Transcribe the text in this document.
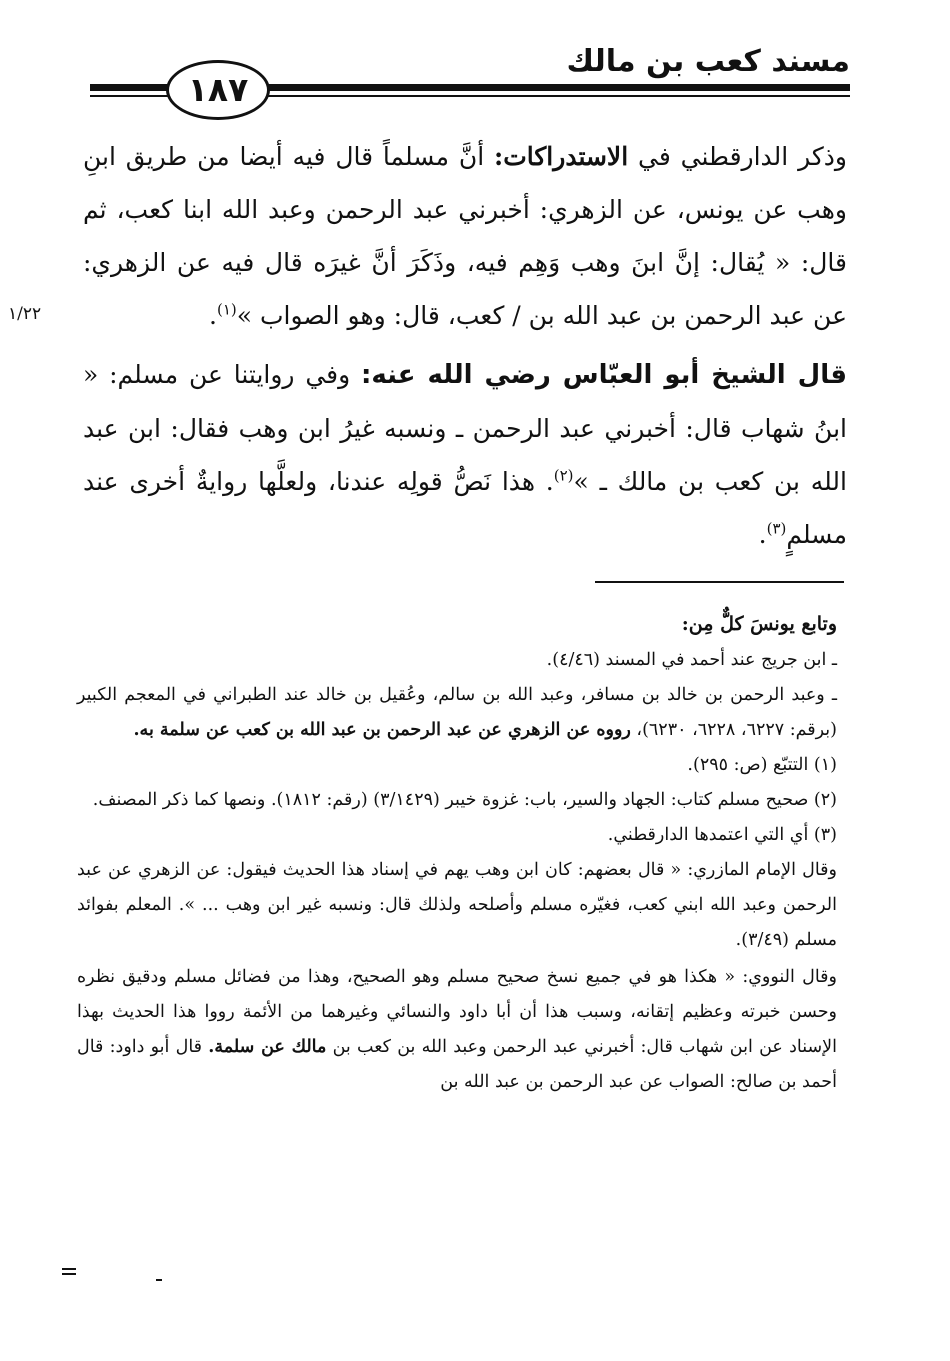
مسند كعب بن مالك
١٨٧
١/٢٢

وذكر الدارقطني في الاستدراكات: أنَّ مسلماً قال فيه أيضا من طريق ابنِ وهب عن يونس، عن الزهري: أخبرني عبد الرحمن وعبد الله ابنا كعب، ثم قال: « يُقال: إنَّ ابنَ وهب وَهِم فيه، وذَكَرَ أنَّ غيرَه قال فيه عن الزهري: عن عبد الرحمن بن عبد الله بن / كعب، قال: وهو الصواب »$^{(١)}$.

قال الشيخ أبو العبّاس رضي الله عنه: وفي روايتنا عن مسلم: « ابنُ شهاب قال: أخبرني عبد الرحمن ـ ونسبه غيرُ ابن وهب فقال: ابن عبد الله بن كعب بن مالك ـ »$^{(٢)}$. هذا نَصُّ قولِه عندنا، ولعلَّها روايةٌ أخرى عند مسلمٍ$^{(٣)}$.

وتابع يونسَ كلٌّ مِن:

ـ ابن جريج عند أحمد في المسند (٤/٤٦).

ـ وعبد الرحمن بن خالد بن مسافر، وعبد الله بن سالم، وعُقيل بن خالد عند الطبراني في المعجم الكبير (برقم: ٦٢٢٧، ٦٢٢٨، ٦٢٣٠)، رووه عن الزهري عن عبد الرحمن بن عبد الله بن كعب عن سلمة به.

(١) التتبّع (ص: ٢٩٥).

(٢) صحيح مسلم كتاب: الجهاد والسير، باب: غزوة خيبر (٣/١٤٢٩) (رقم: ١٨١٢). ونصها كما ذكر المصنف.

(٣) أي التي اعتمدها الدارقطني.

وقال الإمام المازري: « قال بعضهم: كان ابن وهب يهم في إسناد هذا الحديث فيقول: عن الزهري عن عبد الرحمن وعبد الله ابني كعب، فغيّره مسلم وأصلحه ولذلك قال: ونسبه غير ابن وهب ... ». المعلم بفوائد مسلم (٣/٤٩).

وقال النووي: « هكذا هو في جميع نسخ صحيح مسلم وهو الصحيح، وهذا من فضائل مسلم ودقيق نظره وحسن خبرته وعظيم إتقانه، وسبب هذا أن أبا داود والنسائي وغيرهما من الأئمة رووا هذا الحديث بهذا الإسناد عن ابن شهاب قال: أخبرني عبد الرحمن وعبد الله بن كعب بن مالك عن سلمة. قال أبو داود: قال أحمد بن صالح: الصواب عن عبد الرحمن بن عبد الله بن
